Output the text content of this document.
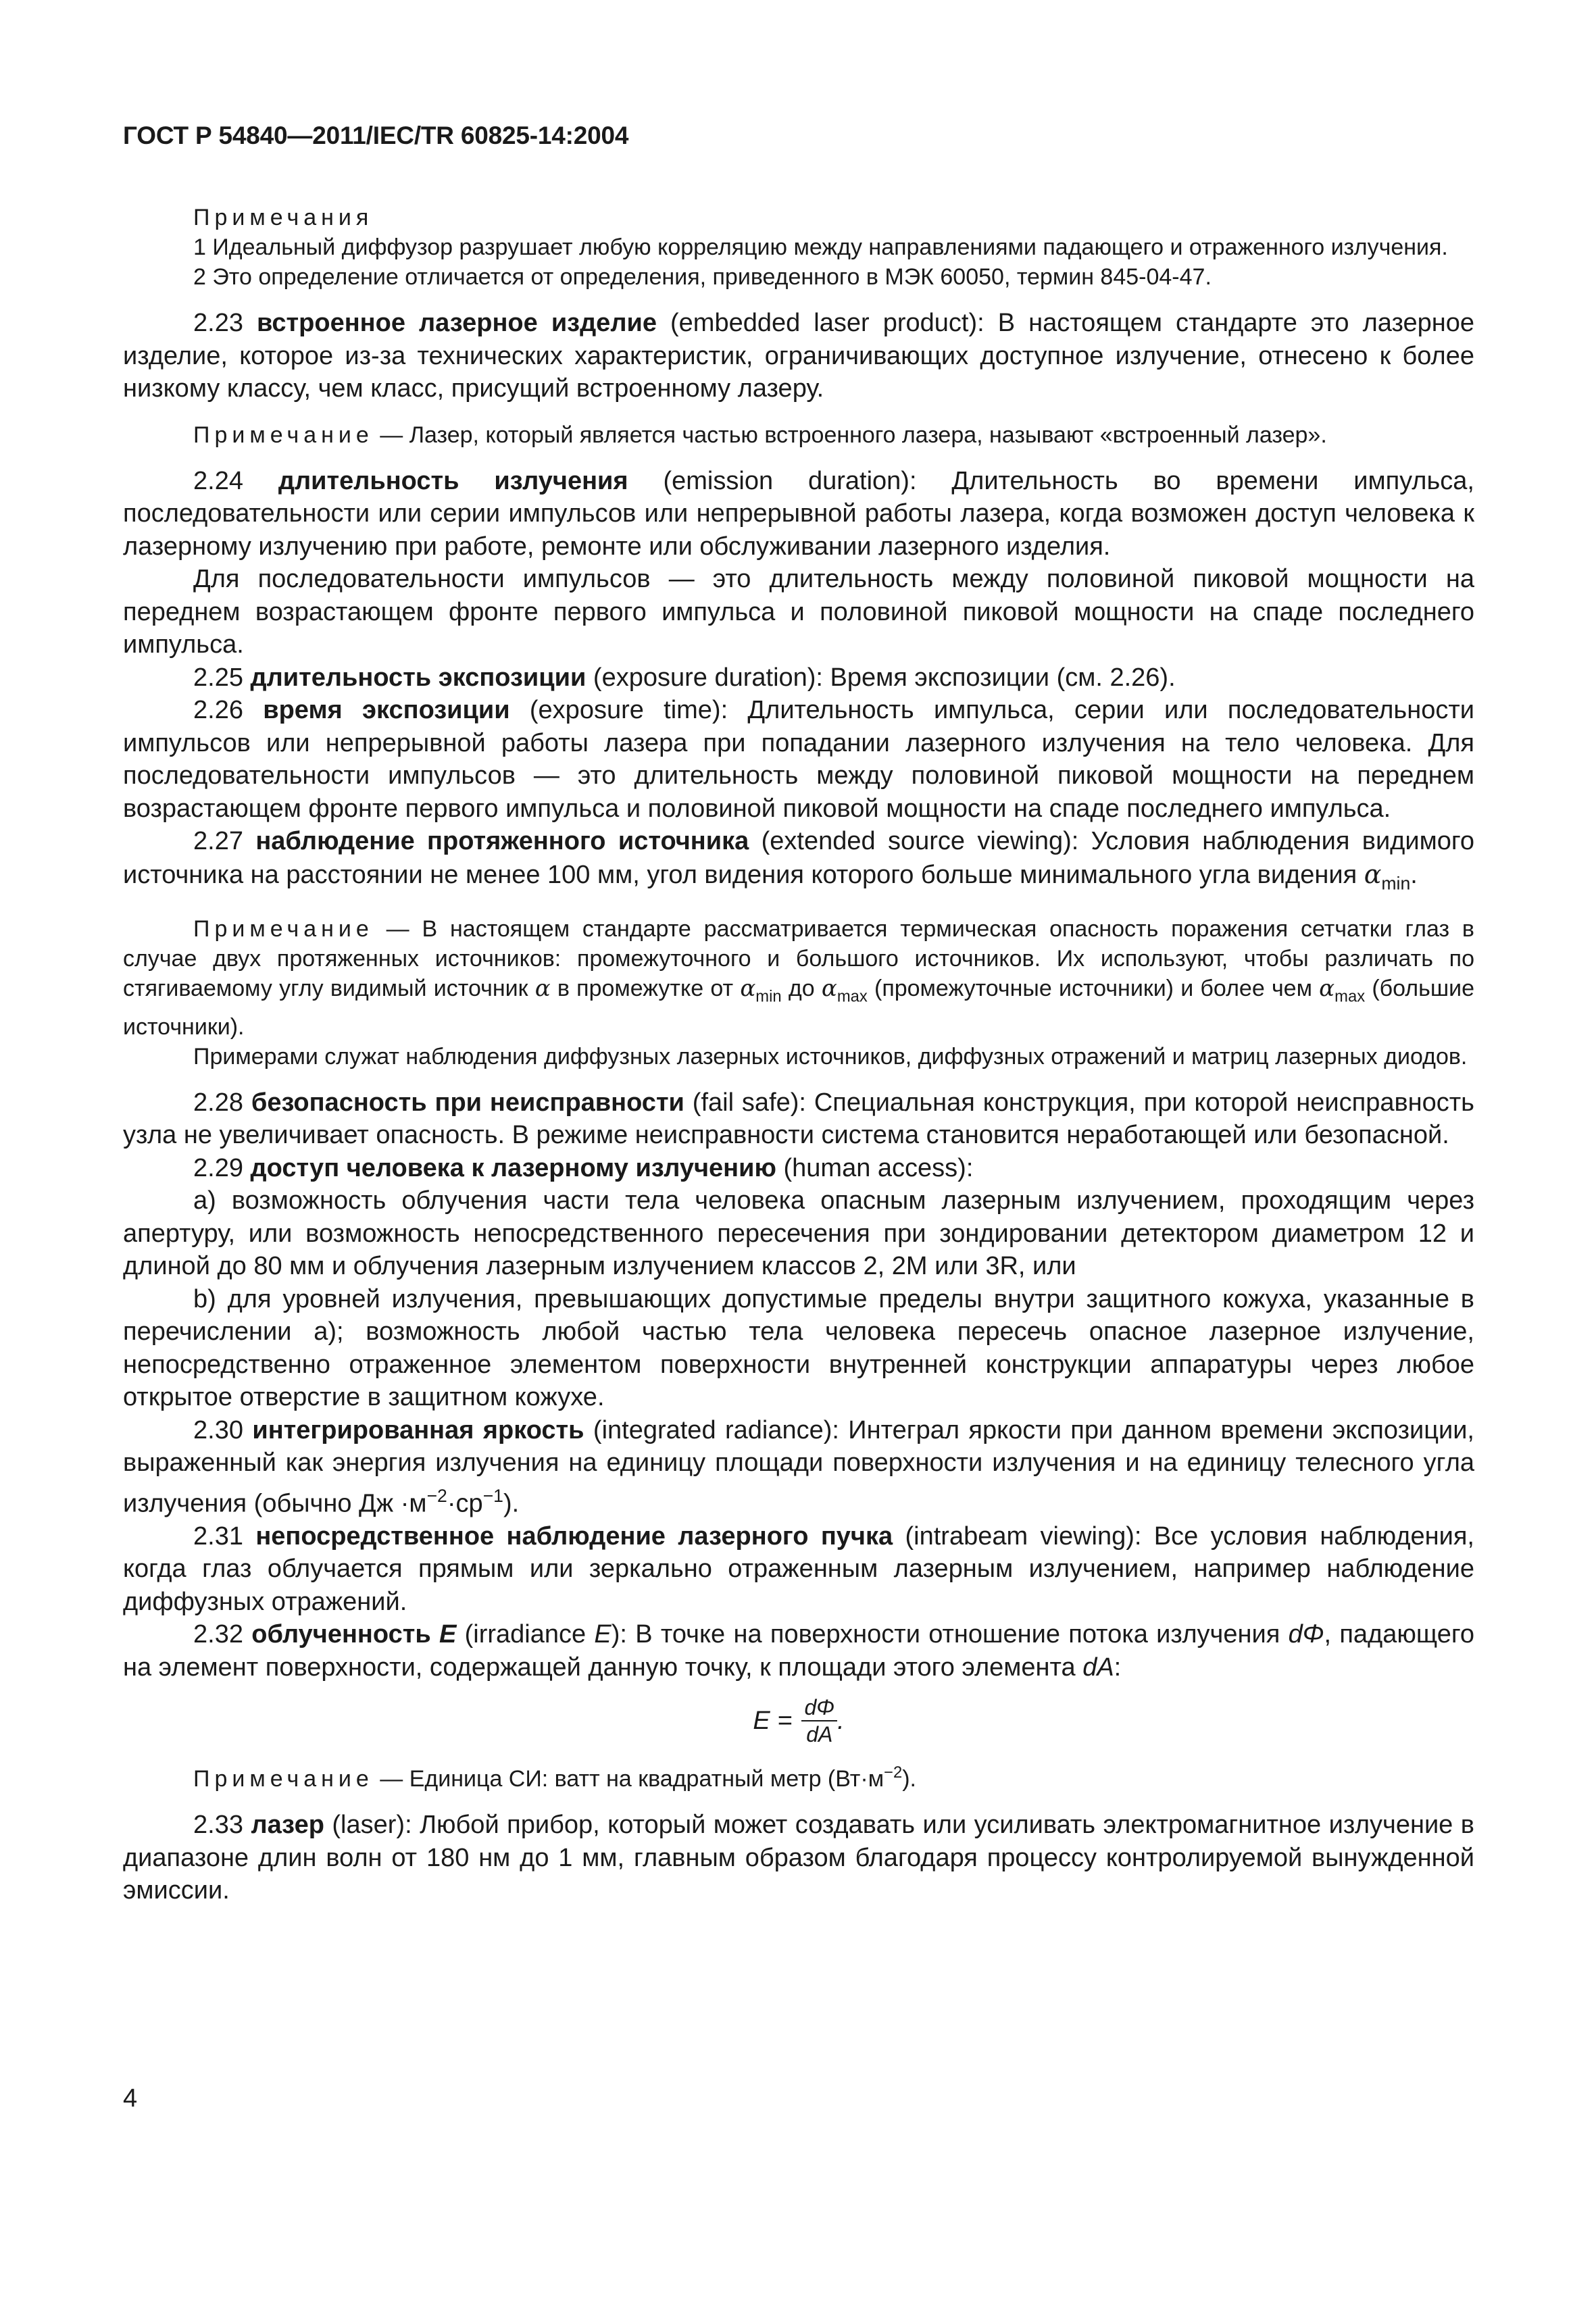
ГОСТ Р 54840—2011/IEC/TR 60825-14:2004

Примечания

1 Идеальный диффузор разрушает любую корреляцию между направлениями падающего и отраженного излучения.

2 Это определение отличается от определения, приведенного в МЭК 60050, термин 845-04-47.

2.23 встроенное лазерное изделие (embedded laser product): В настоящем стандарте это лазерное изделие, которое из-за технических характеристик, ограничивающих доступное излучение, отнесено к более низкому классу, чем класс, присущий встроенному лазеру.

Примечание — Лазер, который является частью встроенного лазера, называют «встроенный лазер».

2.24 длительность излучения (emission duration): Длительность во времени импульса, последовательности или серии импульсов или непрерывной работы лазера, когда возможен доступ человека к лазерному излучению при работе, ремонте или обслуживании лазерного изделия.

Для последовательности импульсов — это длительность между половиной пиковой мощности на переднем возрастающем фронте первого импульса и половиной пиковой мощности на спаде последнего импульса.

2.25 длительность экспозиции (exposure duration): Время экспозиции (см. 2.26).

2.26 время экспозиции (exposure time): Длительность импульса, серии или последовательности импульсов или непрерывной работы лазера при попадании лазерного излучения на тело человека. Для последовательности импульсов — это длительность между половиной пиковой мощности на переднем возрастающем фронте первого импульса и половиной пиковой мощности на спаде последнего импульса.

2.27 наблюдение протяженного источника (extended source viewing): Условия наблюдения видимого источника на расстоянии не менее 100 мм, угол видения которого больше минимального угла видения $\alpha_{min}$.

Примечание — В настоящем стандарте рассматривается термическая опасность поражения сетчатки глаз в случае двух протяженных источников: промежуточного и большого источников. Их используют, чтобы различать по стягиваемому углу видимый источник α в промежутке от $\alpha_{min}$ до $\alpha_{max}$ (промежуточные источники) и более чем $\alpha_{max}$ (большие источники).

Примерами служат наблюдения диффузных лазерных источников, диффузных отражений и матриц лазерных диодов.

2.28 безопасность при неисправности (fail safe): Специальная конструкция, при которой неисправность узла не увеличивает опасность. В режиме неисправности система становится неработающей или безопасной.

2.29 доступ человека к лазерному излучению (human access):

a) возможность облучения части тела человека опасным лазерным излучением, проходящим через апертуру, или возможность непосредственного пересечения при зондировании детектором диаметром 12 и длиной до 80 мм и облучения лазерным излучением классов 2, 2M или 3R, или

b) для уровней излучения, превышающих допустимые пределы внутри защитного кожуха, указанные в перечислении a); возможность любой частью тела человека пересечь опасное лазерное излучение, непосредственно отраженное элементом поверхности внутренней конструкции аппаратуры через любое открытое отверстие в защитном кожухе.

2.30 интегрированная яркость (integrated radiance): Интеграл яркости при данном времени экспозиции, выраженный как энергия излучения на единицу площади поверхности излучения и на единицу телесного угла излучения (обычно Дж $\cdot м^{-2}\cdot ср^{-1}$).

2.31 непосредственное наблюдение лазерного пучка (intrabeam viewing): Все условия наблюдения, когда глаз облучается прямым или зеркально отраженным лазерным излучением, например наблюдение диффузных отражений.

2.32 облученность E (irradiance E): В точке на поверхности отношение потока излучения dΦ, падающего на элемент поверхности, содержащей данную точку, к площади этого элемента dA:

$E = \frac{d\Phi}{dA}$ .

Примечание — Единица СИ: ватт на квадратный метр $(Вт\cdot м^{-2})$.

2.33 лазер (laser): Любой прибор, который может создавать или усиливать электромагнитное излучение в диапазоне длин волн от 180 нм до 1 мм, главным образом благодаря процессу контролируемой вынужденной эмиссии.

4
